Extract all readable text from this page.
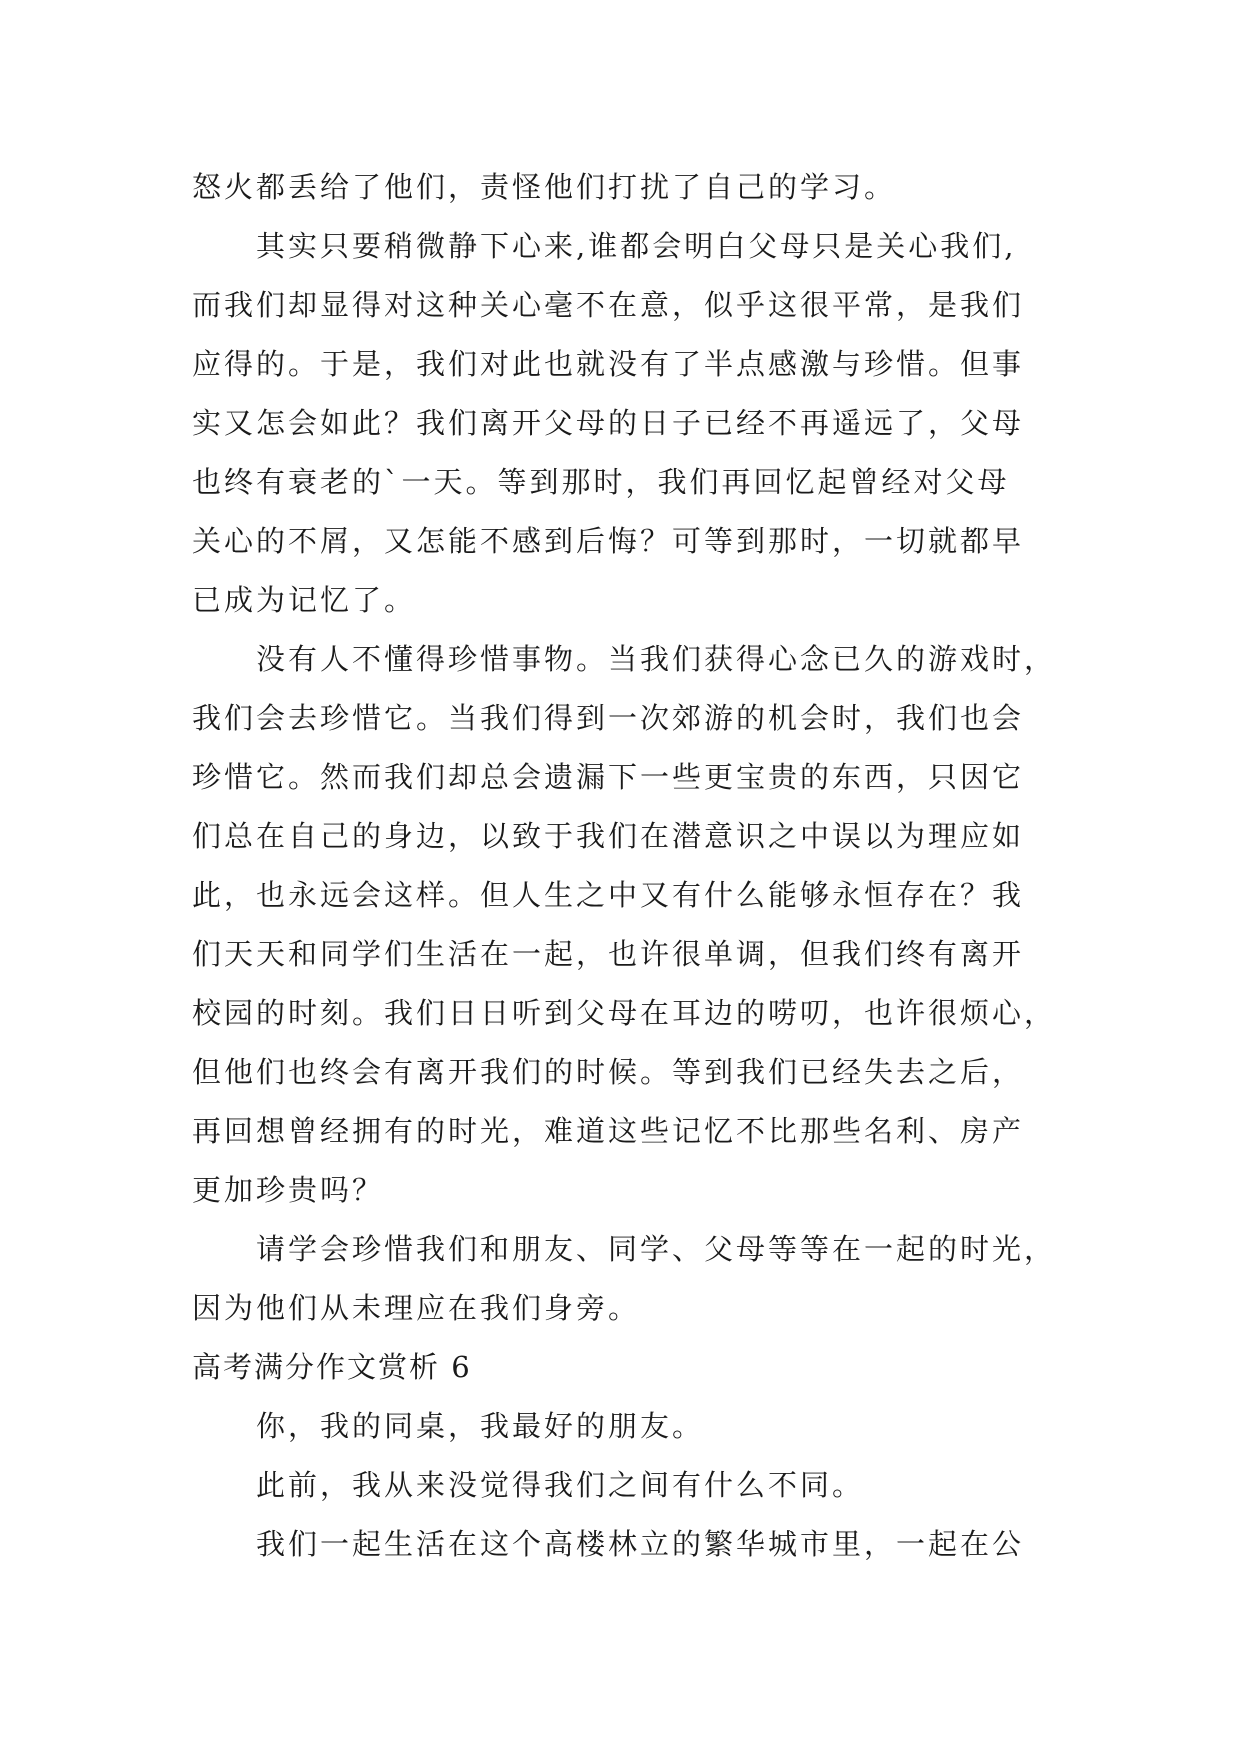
怒火都丢给了他们，责怪他们打扰了自己的学习。
其实只要稍微静下心来,谁都会明白父母只是关心我们,
而我们却显得对这种关心毫不在意，似乎这很平常，是我们
应得的。于是，我们对此也就没有了半点感激与珍惜。但事
实又怎会如此？我们离开父母的日子已经不再遥远了，父母
也终有衰老的`一天。等到那时，我们再回忆起曾经对父母
关心的不屑，又怎能不感到后悔？可等到那时，一切就都早
已成为记忆了。
没有人不懂得珍惜事物。当我们获得心念已久的游戏时，
我们会去珍惜它。当我们得到一次郊游的机会时，我们也会
珍惜它。然而我们却总会遗漏下一些更宝贵的东西，只因它
们总在自己的身边，以致于我们在潜意识之中误以为理应如
此，也永远会这样。但人生之中又有什么能够永恒存在？我
们天天和同学们生活在一起，也许很单调，但我们终有离开
校园的时刻。我们日日听到父母在耳边的唠叨，也许很烦心，
但他们也终会有离开我们的时候。等到我们已经失去之后，
再回想曾经拥有的时光，难道这些记忆不比那些名利、房产
更加珍贵吗？
请学会珍惜我们和朋友、同学、父母等等在一起的时光，
因为他们从未理应在我们身旁。
高考满分作文赏析 6
你，我的同桌，我最好的朋友。
此前，我从来没觉得我们之间有什么不同。
我们一起生活在这个高楼林立的繁华城市里，一起在公
